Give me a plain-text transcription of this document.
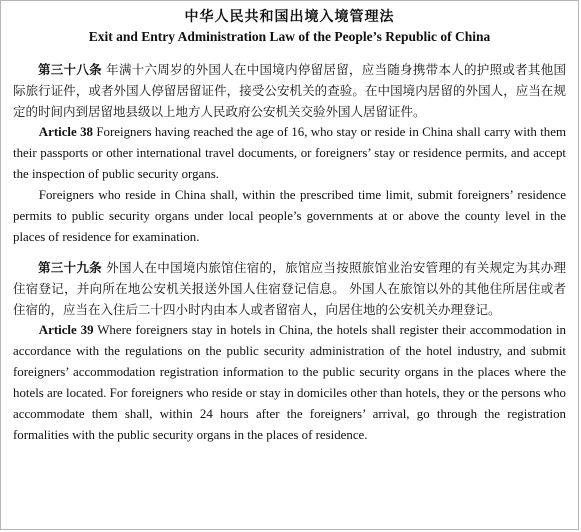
中华人民共和国出境入境管理法
Exit and Entry Administration Law of the People’s Republic of China

第三十八条 年满十六周岁的外国人在中国境内停留居留，应当随身携带本人的护照或者其他国际旅行证件，或者外国人停留居留证件，接受公安机关的查验。在中国境内居留的外国人，应当在规定的时间内到居留地县级以上地方人民政府公安机关交验外国人居留证件。

Article 38 Foreigners having reached the age of 16, who stay or reside in China shall carry with them their passports or other international travel documents, or foreigners’ stay or residence permits, and accept the inspection of public security organs.

Foreigners who reside in China shall, within the prescribed time limit, submit foreigners’ residence permits to public security organs under local people’s governments at or above the county level in the places of residence for examination.

第三十九条 外国人在中国境内旅馆住宿的，旅馆应当按照旅馆业治安管理的有关规定为其办理住宿登记，并向所在地公安机关报送外国人住宿登记信息。 外国人在旅馆以外的其他住所居住或者住宿的，应当在入住后二十四小时内由本人或者留宿人，向居住地的公安机关办理登记。

Article 39 Where foreigners stay in hotels in China, the hotels shall register their accommodation in accordance with the regulations on the public security administration of the hotel industry, and submit foreigners’ accommodation registration information to the public security organs in the places where the hotels are located. For foreigners who reside or stay in domiciles other than hotels, they or the persons who accommodate them shall, within 24 hours after the foreigners’ arrival, go through the registration formalities with the public security organs in the places of residence.
